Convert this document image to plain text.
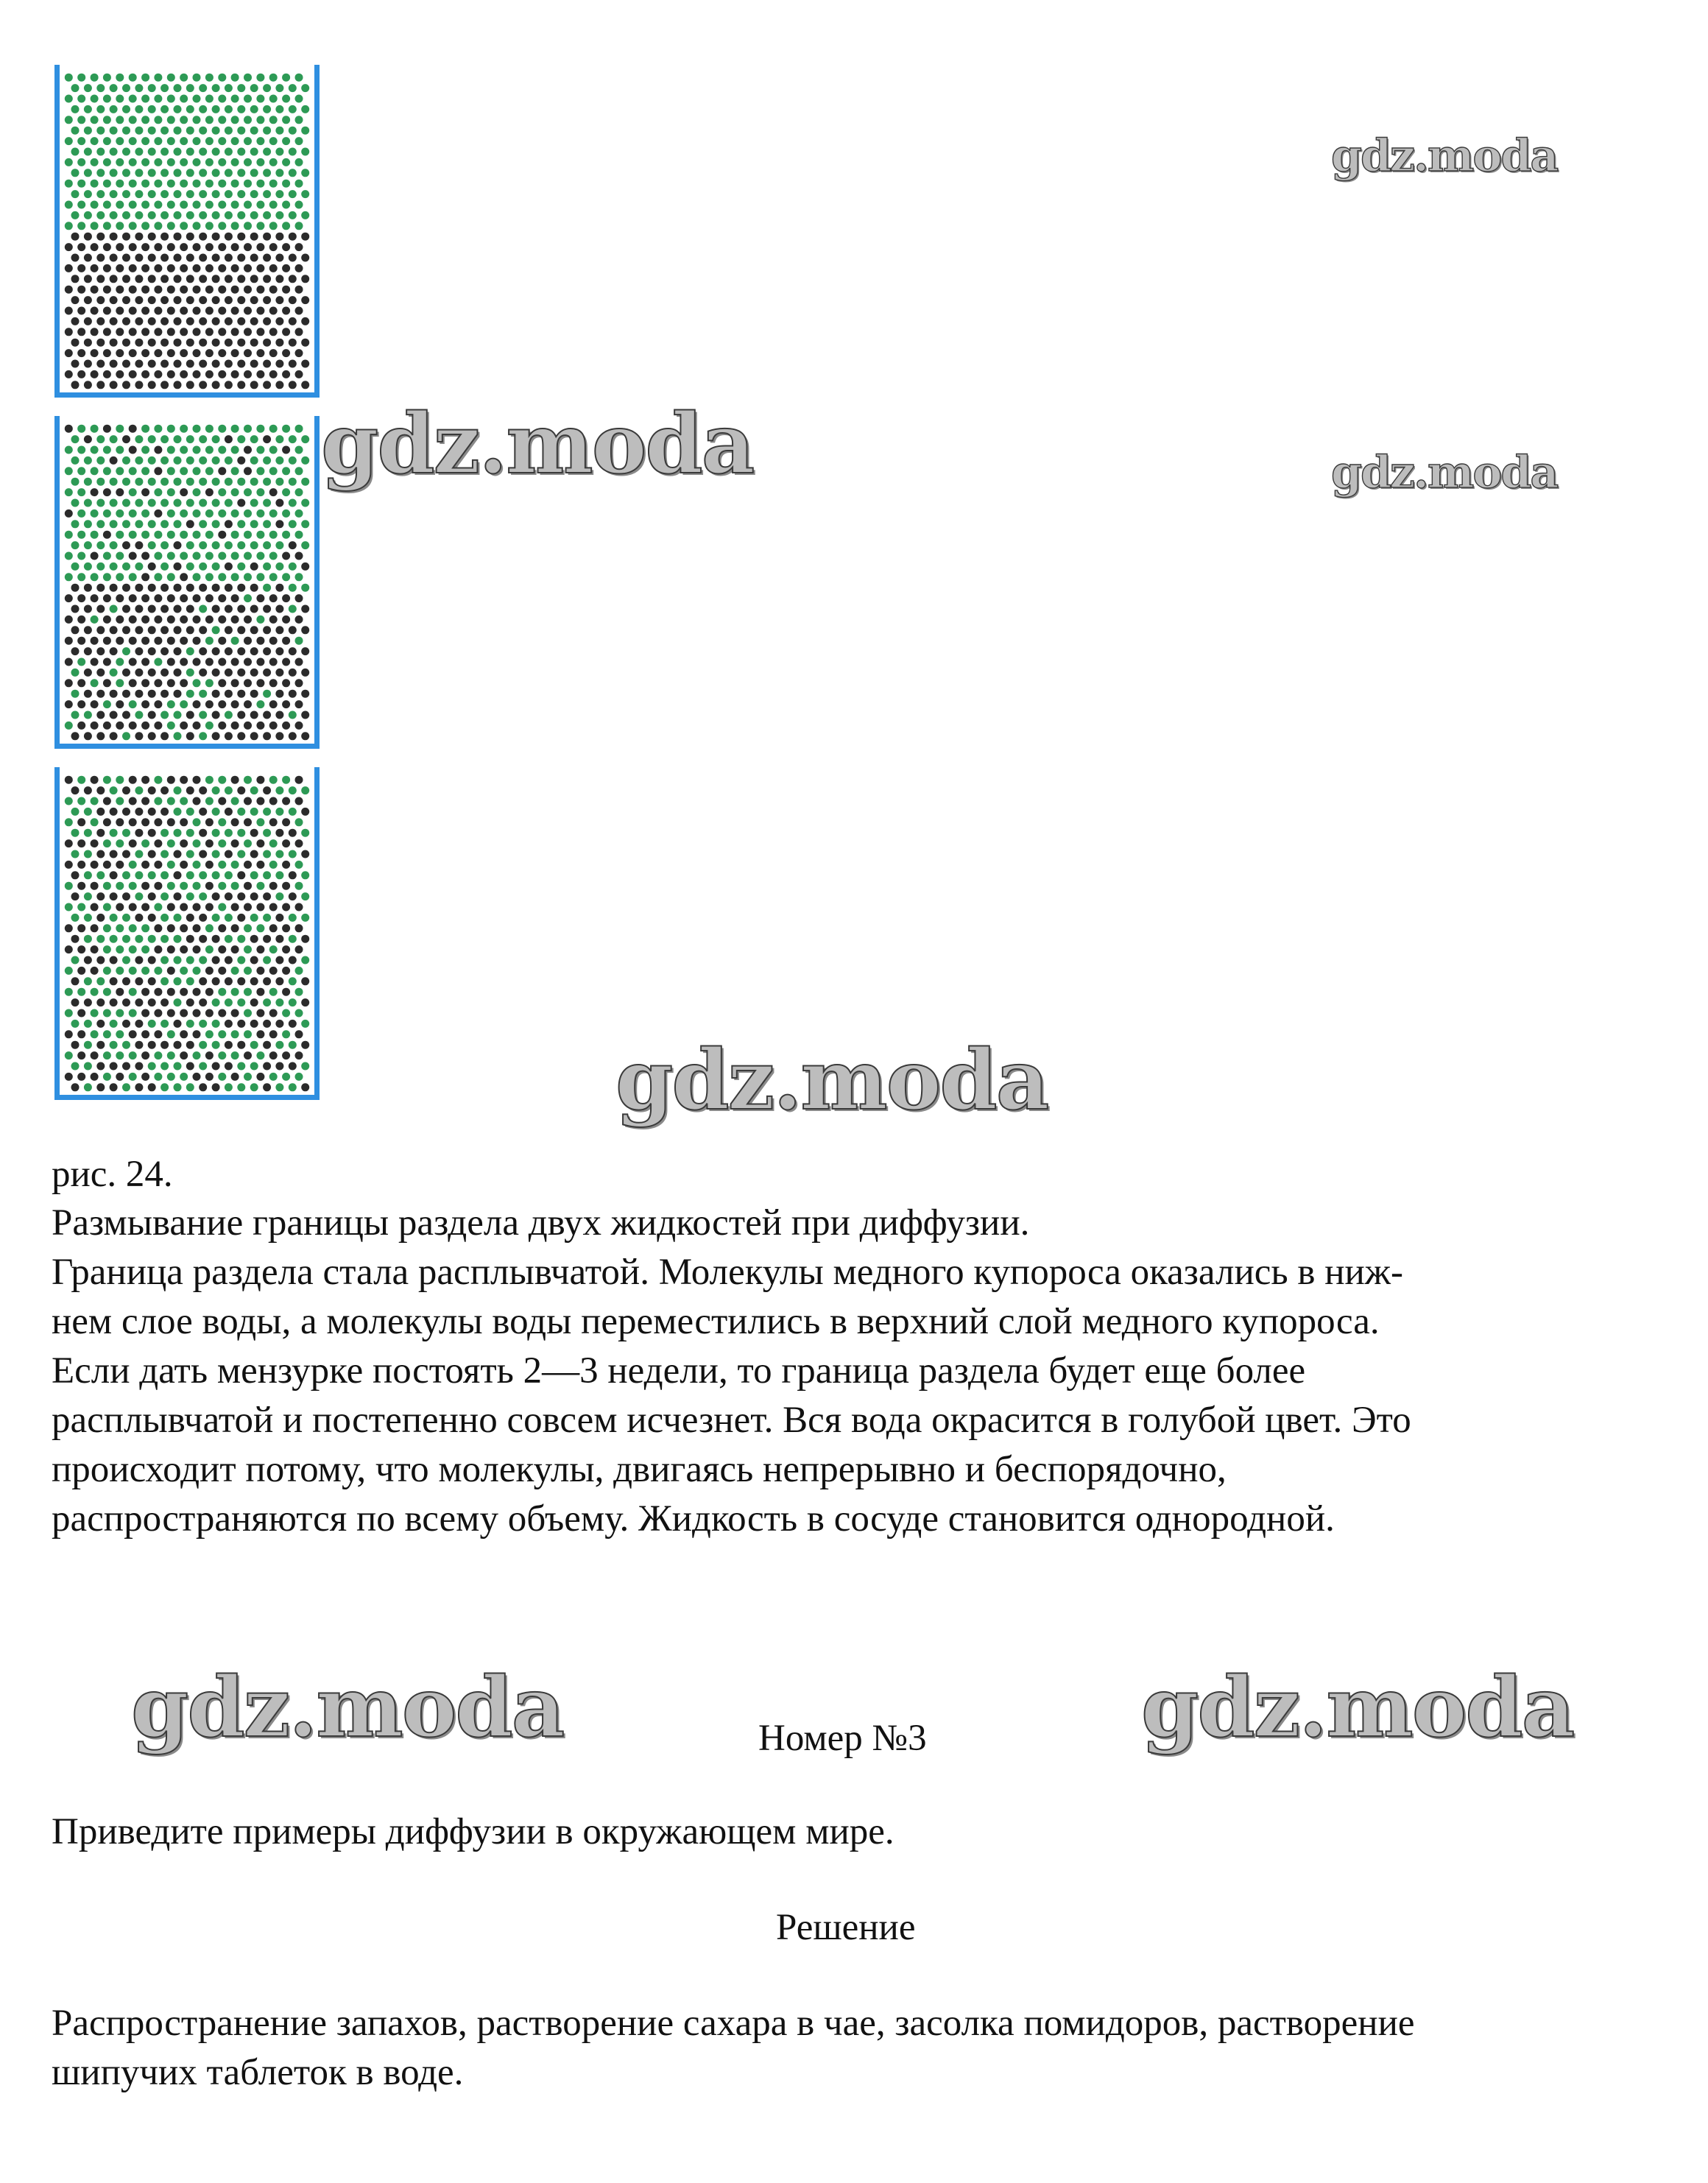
gdz.moda
gdz.moda	gdz.moda
gdz.moda
gdz.moda	gdz.moda

рис. 24.

Размывание границы раздела двух жидкостей при диффузии.

Граница раздела стала расплывчатой. Молекулы медного купороса оказались в ниж-

нем слое воды, а молекулы воды переместились в верхний слой медного купороса.

Если дать мензурке постоять 2—3 недели, то граница раздела будет еще более

расплывчатой и постепенно совсем исчезнет. Вся вода окрасится в голубой цвет. Это

происходит потому, что молекулы, двигаясь непрерывно и беспорядочно,

распространяются по всему объему. Жидкость в сосуде становится однородной.

Номер №3

Приведите примеры диффузии в окружающем мире.

Решение

Распространение запахов, растворение сахара в чае, засолка помидоров, растворение

шипучих таблеток в воде.
